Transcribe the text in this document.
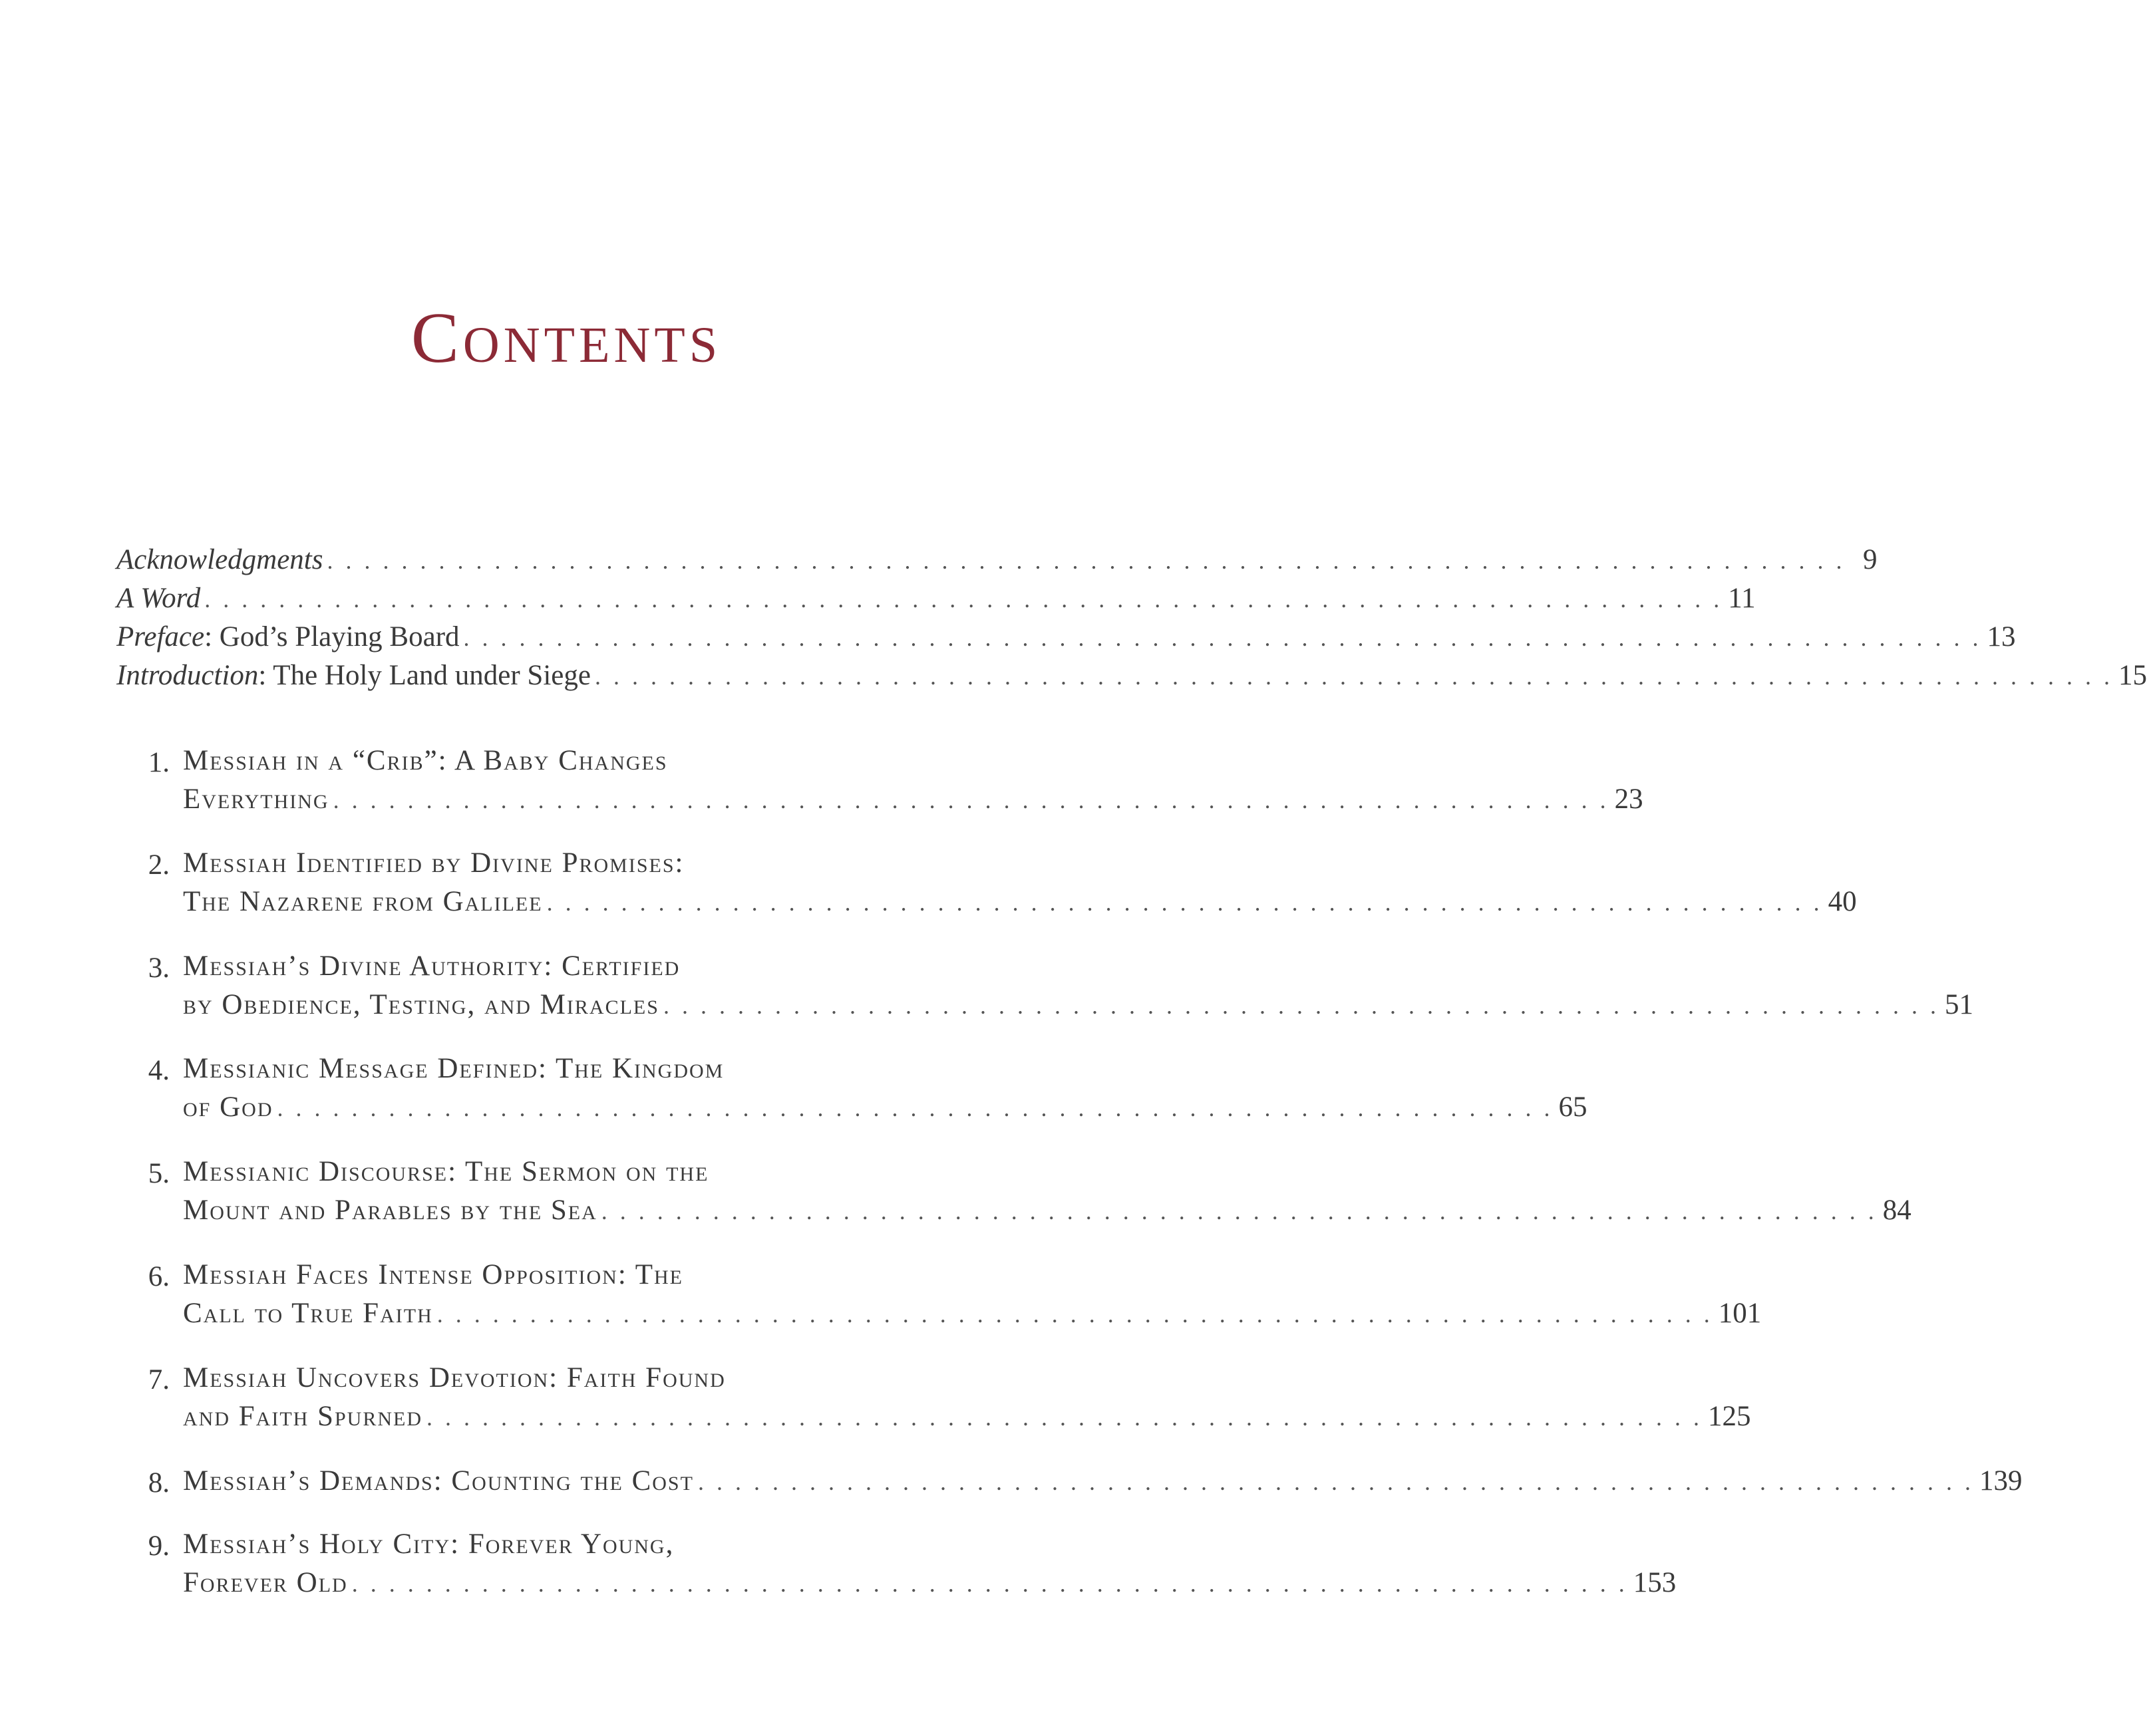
Contents
Acknowledgments . . . . . . . . . . . . . . . . . . . . . . . . . . . . . . . . . . . . . . . . . . . . . . . . . . . . . . . . . . . . . . . . . . . . . . . . . . . . . . . . . . 9
A Word . . . . . . . . . . . . . . . . . . . . . . . . . . . . . . . . . . . . . . . . . . . . . . . . . . . . . . . . . . . . . . . . . . . . . . . . . . . . . . . . . . 11
Preface: God’s Playing Board . . . . . . . . . . . . . . . . . . . . . . . . . . . . . . . . . . . . . . . . . . . . . . . . . . . . . . . . . . . . . . . . . . . . . . . . . . . . . . . . . . 13
Introduction: The Holy Land under Siege . . . . . . . . . . . . . . . . . . . . . . . . . . . . . . . . . . . . . . . . . . . . . . . . . . . . . . . . . . . . . . . . . . . . . . . . . . . . . . . . . . 15
1. Messiah in a “Crib”: A Baby Changes
Everything . . . . . . . . . . . . . . . . . . . . . . . . . . . . . . . . . . . . . . . . . . . . . . . . . . . . . . . . . . . . . . . . . . . . . 23
2. Messiah Identified by Divine Promises:
The Nazarene from Galilee . . . . . . . . . . . . . . . . . . . . . . . . . . . . . . . . . . . . . . . . . . . . . . . . . . . . . . . . . . . . . . . . . . . . . 40
3. Messiah’s Divine Authority: Certified
by Obedience, Testing, and Miracles . . . . . . . . . . . . . . . . . . . . . . . . . . . . . . . . . . . . . . . . . . . . . . . . . . . . . . . . . . . . . . . . . . . . . 51
4. Messianic Message Defined: The Kingdom
of God . . . . . . . . . . . . . . . . . . . . . . . . . . . . . . . . . . . . . . . . . . . . . . . . . . . . . . . . . . . . . . . . . . . . . 65
5. Messianic Discourse: The Sermon on the
Mount and Parables by the Sea . . . . . . . . . . . . . . . . . . . . . . . . . . . . . . . . . . . . . . . . . . . . . . . . . . . . . . . . . . . . . . . . . . . . . 84
6. Messiah Faces Intense Opposition: The
Call to True Faith . . . . . . . . . . . . . . . . . . . . . . . . . . . . . . . . . . . . . . . . . . . . . . . . . . . . . . . . . . . . . . . . . . . . . 101
7. Messiah Uncovers Devotion: Faith Found
and Faith Spurned . . . . . . . . . . . . . . . . . . . . . . . . . . . . . . . . . . . . . . . . . . . . . . . . . . . . . . . . . . . . . . . . . . . . . 125
8. Messiah’s Demands: Counting the Cost . . . . . . . . . . . . . . . . . . . . . . . . . . . . . . . . . . . . . . . . . . . . . . . . . . . . . . . . . . . . . . . . . . . . . 139
9. Messiah’s Holy City: Forever Young,
Forever Old . . . . . . . . . . . . . . . . . . . . . . . . . . . . . . . . . . . . . . . . . . . . . . . . . . . . . . . . . . . . . . . . . . . . . 153
